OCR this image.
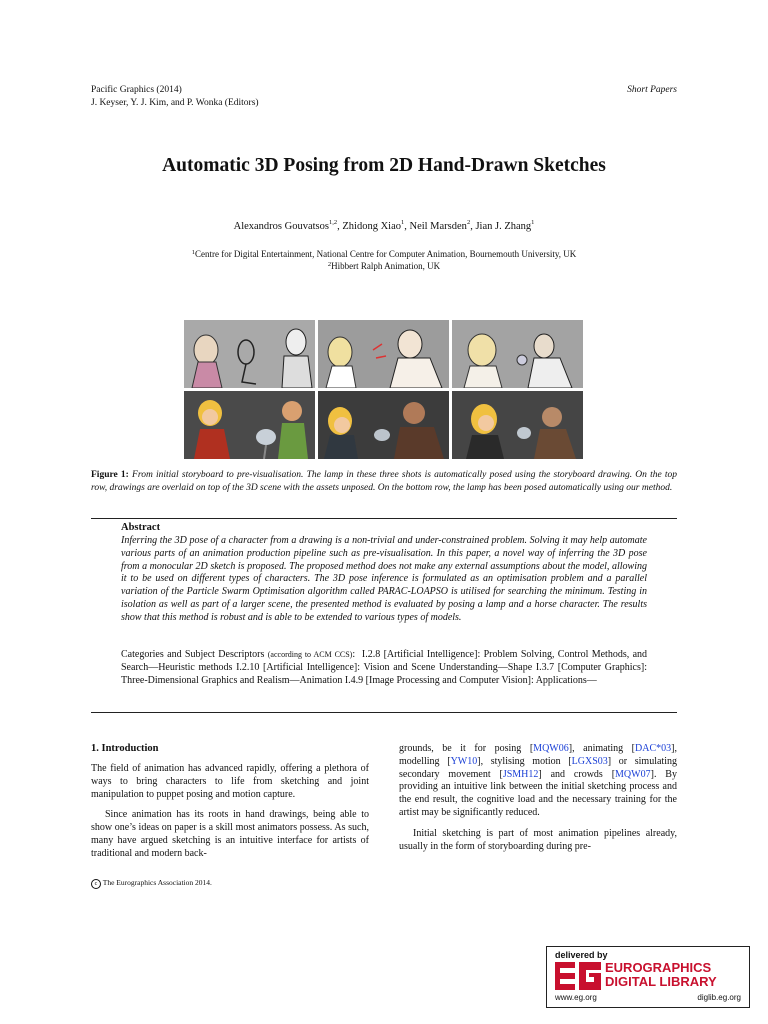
Pacific Graphics (2014)
J. Keyser, Y. J. Kim, and P. Wonka (Editors)
Short Papers
Automatic 3D Posing from 2D Hand-Drawn Sketches
Alexandros Gouvatsos$^{1,2}$, Zhidong Xiao$^1$, Neil Marsden$^2$, Jian J. Zhang$^1$
$^1$Centre for Digital Entertainment, National Centre for Computer Animation, Bournemouth University, UK
$^2$Hibbert Ralph Animation, UK
Figure 1: From initial storyboard to pre-visualisation. The lamp in these three shots is automatically posed using the storyboard drawing. On the top row, drawings are overlaid on top of the 3D scene with the assets unposed. On the bottom row, the lamp has been posed automatically using our method.
Abstract
Inferring the 3D pose of a character from a drawing is a non-trivial and under-constrained problem. Solving it may help automate various parts of an animation production pipeline such as pre-visualisation. In this paper, a novel way of inferring the 3D pose from a monocular 2D sketch is proposed. The proposed method does not make any external assumptions about the model, allowing it to be used on different types of characters. The 3D pose inference is formulated as an optimisation problem and a parallel variation of the Particle Swarm Optimisation algorithm called PARAC-LOAPSO is utilised for searching the minimum. Testing in isolation as well as part of a larger scene, the presented method is evaluated by posing a lamp and a horse character. The results show that this method is robust and is able to be extended to various types of models.
Categories and Subject Descriptors (according to ACM CCS):  I.2.8 [Artificial Intelligence]: Problem Solving, Control Methods, and Search—Heuristic methods I.2.10 [Artificial Intelligence]: Vision and Scene Understanding—Shape I.3.7 [Computer Graphics]: Three-Dimensional Graphics and Realism—Animation I.4.9 [Image Processing and Computer Vision]: Applications—
1. Introduction

The field of animation has advanced rapidly, offering a plethora of ways to bring characters to life from sketching and joint manipulation to puppet posing and motion capture.

Since animation has its roots in hand drawings, being able to show one’s ideas on paper is a skill most animators possess. As such, many have argued sketching is an intuitive interface for artists of traditional and modern back-

grounds, be it for posing [MQW06], animating [DAC*03], modelling [YW10], stylising motion [LGXS03] or simulating secondary movement [JSMH12] and crowds [MQW07]. By providing an intuitive link between the initial sketching process and the end result, the cognitive load and the necessary training for the artist may be significantly reduced.

Initial sketching is part of most animation pipelines already, usually in the form of storyboarding during pre-

c The Eurographics Association 2014.
delivered by
EUROGRAPHICS
DIGITAL LIBRARY
www.eg.org	diglib.eg.org
